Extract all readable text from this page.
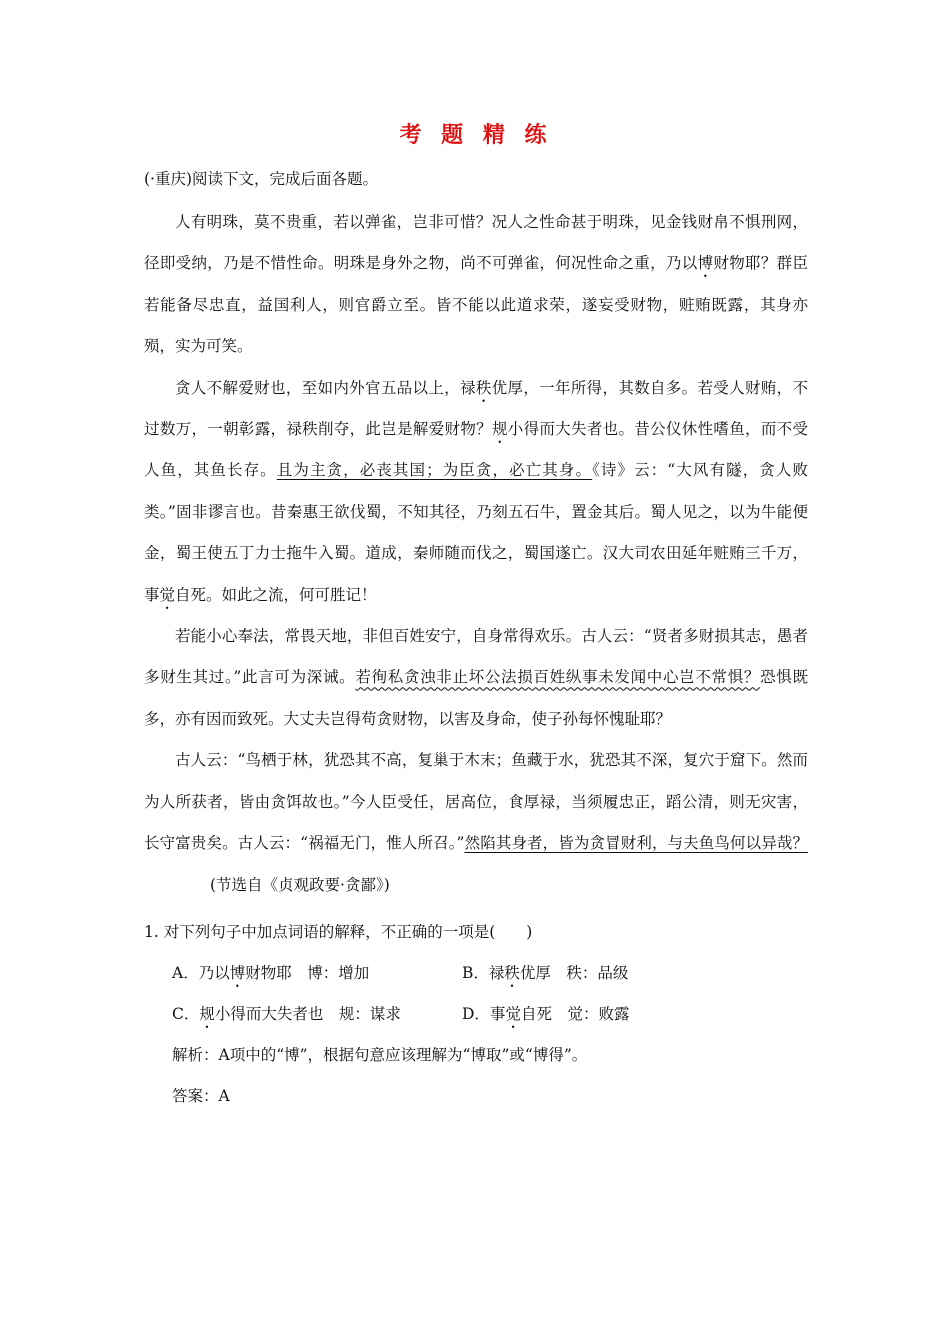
考 题 精 练

(·重庆)阅读下文，完成后面各题。

人有明珠，莫不贵重，若以弹雀，岂非可惜？况人之性命甚于明珠，见金钱财帛不惧刑网，径即受纳，乃是不惜性命。明珠是身外之物，尚不可弹雀，何况性命之重，乃以博财物耶？群臣若能备尽忠直，益国利人，则官爵立至。皆不能以此道求荣，遂妄受财物，赃贿既露，其身亦殒，实为可笑。

贪人不解爱财也，至如内外官五品以上，禄秩优厚，一年所得，其数自多。若受人财贿，不过数万，一朝彰露，禄秩削夺，此岂是解爱财物？规小得而大失者也。昔公仪休性嗜鱼，而不受人鱼，其鱼长存。且为主贪，必丧其国；为臣贪，必亡其身。《诗》云：“大风有隧，贪人败类。”固非谬言也。昔秦惠王欲伐蜀，不知其径，乃刻五石牛，置金其后。蜀人见之，以为牛能便金，蜀王使五丁力士拖牛入蜀。道成，秦师随而伐之，蜀国遂亡。汉大司农田延年赃贿三千万，事觉自死。如此之流，何可胜记！

若能小心奉法，常畏天地，非但百姓安宁，自身常得欢乐。古人云：“贤者多财损其志，愚者多财生其过。”此言可为深诫。若徇私贪浊非止坏公法损百姓纵事未发闻中心岂不常惧？恐惧既多，亦有因而致死。大丈夫岂得苟贪财物，以害及身命，使子孙每怀愧耻耶？

古人云：“鸟栖于林，犹恐其不高，复巢于木末；鱼藏于水，犹恐其不深，复穴于窟下。然而为人所获者，皆由贪饵故也。”今人臣受任，居高位，食厚禄，当须履忠正，蹈公清，则无灾害，长守富贵矣。古人云：“祸福无门，惟人所召。”然陷其身者，皆为贪冒财利，与夫鱼鸟何以异哉？(节选自《贞观政要·贪鄙》)

1. 对下列句子中加点词语的解释，不正确的一项是(　　)

A．乃以博财物耶　博：增加	B．禄秩优厚　秩：品级
C．规小得而大失者也　规：谋求	D．事觉自死　觉：败露
解析：A项中的“博”，根据句意应该理解为“博取”或“博得”。
答案：A
